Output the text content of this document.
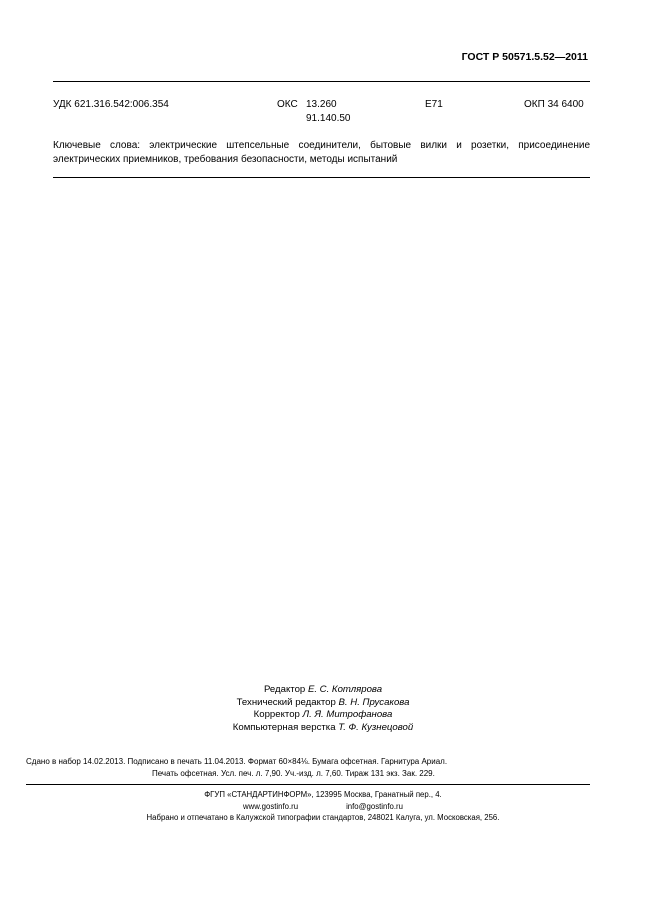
ГОСТ Р 50571.5.52—2011
УДК 621.316.542:006.354	ОКС 13.260
91.140.50
Е71	ОКП 34 6400
Ключевые слова: электрические штепсельные соединители, бытовые вилки и розетки, присоединение электрических приемников, требования безопасности, методы испытаний
Редактор Е. С. Котлярова
Технический редактор В. Н. Прусакова
Корректор Л. Я. Митрофанова
Компьютерная верстка Т. Ф. Кузнецовой
Сдано в набор 14.02.2013. Подписано в печать 11.04.2013. Формат 60×84⅛. Бумага офсетная. Гарнитура Ариал.
Печать офсетная. Усл. печ. л. 7,90. Уч.-изд. л. 7,60. Тираж 131 экз. Зак. 229.
ФГУП «СТАНДАРТИНФОРМ», 123995 Москва, Гранатный пер., 4.
www.gostinfo.ru	info@gostinfo.ru
Набрано и отпечатано в Калужской типографии стандартов, 248021 Калуга, ул. Московская, 256.
